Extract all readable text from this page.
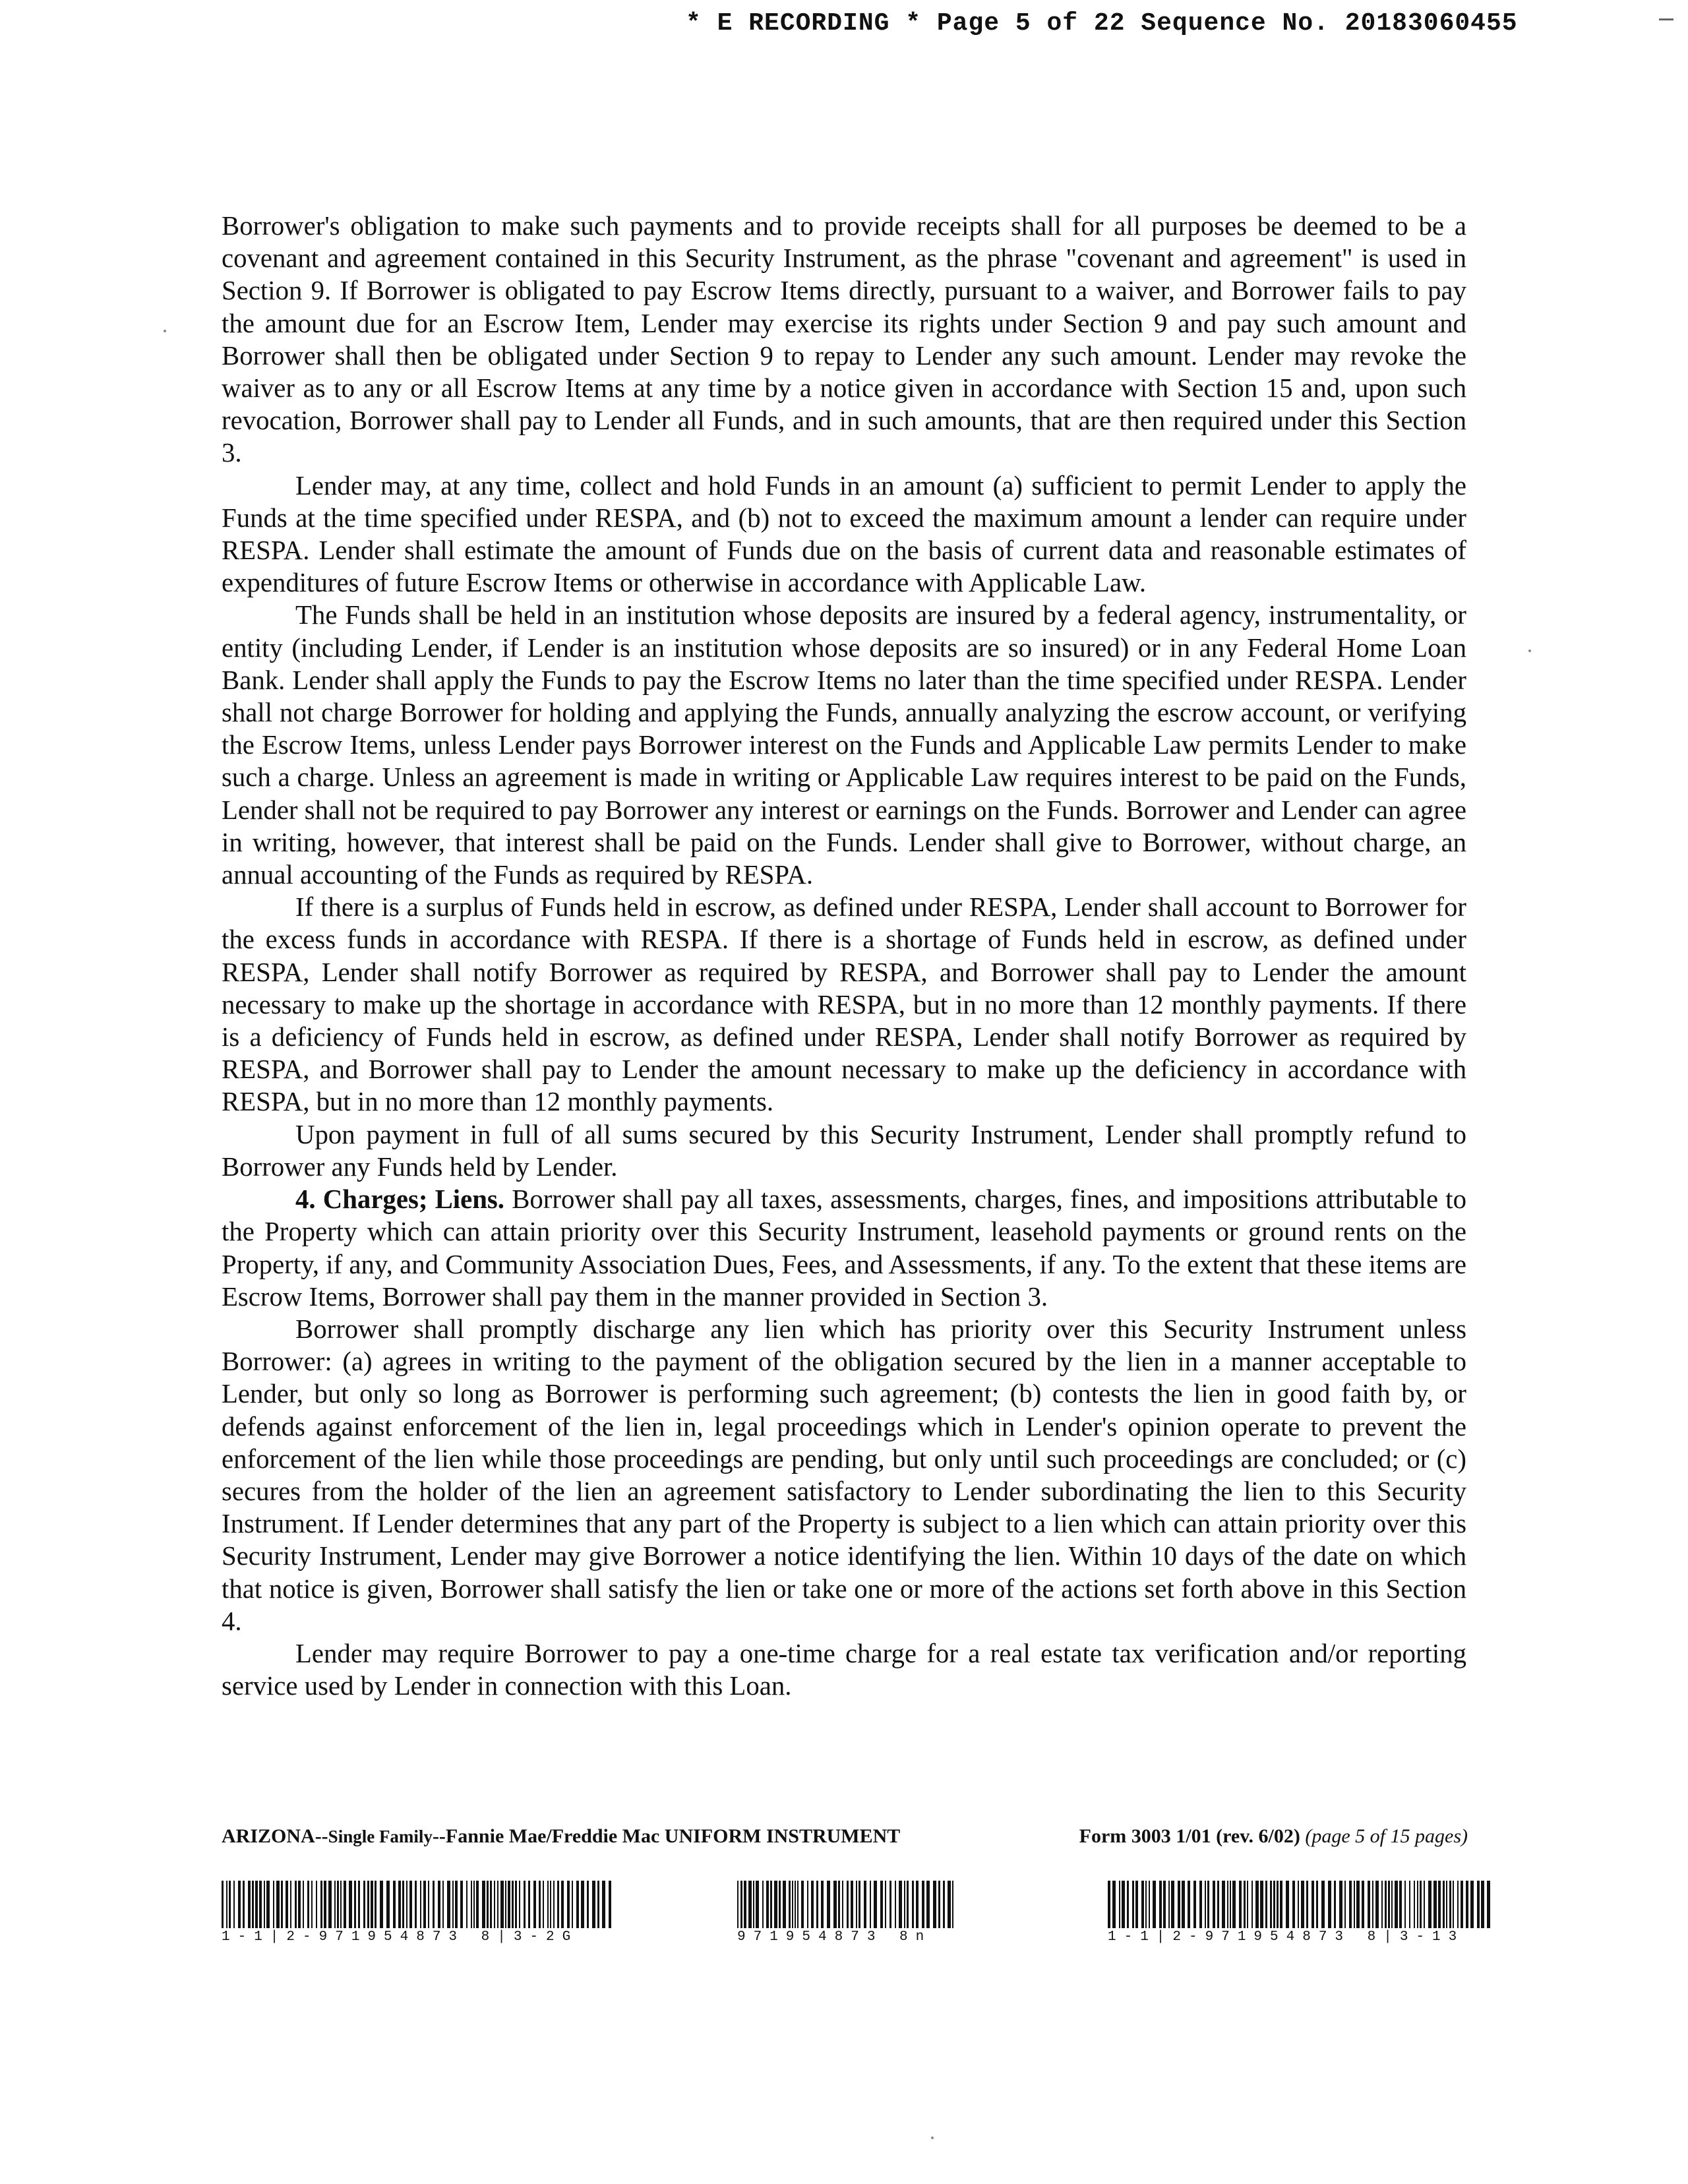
* E RECORDING * Page 5 of 22 Sequence No. 20183060455

Borrower's obligation to make such payments and to provide receipts shall for all purposes be deemed to be a covenant and agreement contained in this Security Instrument, as the phrase "covenant and agreement" is used in Section 9. If Borrower is obligated to pay Escrow Items directly, pursuant to a waiver, and Borrower fails to pay the amount due for an Escrow Item, Lender may exercise its rights under Section 9 and pay such amount and Borrower shall then be obligated under Section 9 to repay to Lender any such amount. Lender may revoke the waiver as to any or all Escrow Items at any time by a notice given in accordance with Section 15 and, upon such revocation, Borrower shall pay to Lender all Funds, and in such amounts, that are then required under this Section 3.

Lender may, at any time, collect and hold Funds in an amount (a) sufficient to permit Lender to apply the Funds at the time specified under RESPA, and (b) not to exceed the maximum amount a lender can require under RESPA. Lender shall estimate the amount of Funds due on the basis of current data and reasonable estimates of expenditures of future Escrow Items or otherwise in accordance with Applicable Law.

The Funds shall be held in an institution whose deposits are insured by a federal agency, instrumentality, or entity (including Lender, if Lender is an institution whose deposits are so insured) or in any Federal Home Loan Bank. Lender shall apply the Funds to pay the Escrow Items no later than the time specified under RESPA. Lender shall not charge Borrower for holding and applying the Funds, annually analyzing the escrow account, or verifying the Escrow Items, unless Lender pays Borrower interest on the Funds and Applicable Law permits Lender to make such a charge. Unless an agreement is made in writing or Applicable Law requires interest to be paid on the Funds, Lender shall not be required to pay Borrower any interest or earnings on the Funds. Borrower and Lender can agree in writing, however, that interest shall be paid on the Funds. Lender shall give to Borrower, without charge, an annual accounting of the Funds as required by RESPA.

If there is a surplus of Funds held in escrow, as defined under RESPA, Lender shall account to Borrower for the excess funds in accordance with RESPA. If there is a shortage of Funds held in escrow, as defined under RESPA, Lender shall notify Borrower as required by RESPA, and Borrower shall pay to Lender the amount necessary to make up the shortage in accordance with RESPA, but in no more than 12 monthly payments. If there is a deficiency of Funds held in escrow, as defined under RESPA, Lender shall notify Borrower as required by RESPA, and Borrower shall pay to Lender the amount necessary to make up the deficiency in accordance with RESPA, but in no more than 12 monthly payments.

Upon payment in full of all sums secured by this Security Instrument, Lender shall promptly refund to Borrower any Funds held by Lender.

4. Charges; Liens. Borrower shall pay all taxes, assessments, charges, fines, and impositions attributable to the Property which can attain priority over this Security Instrument, leasehold payments or ground rents on the Property, if any, and Community Association Dues, Fees, and Assessments, if any. To the extent that these items are Escrow Items, Borrower shall pay them in the manner provided in Section 3.

Borrower shall promptly discharge any lien which has priority over this Security Instrument unless Borrower: (a) agrees in writing to the payment of the obligation secured by the lien in a manner acceptable to Lender, but only so long as Borrower is performing such agreement; (b) contests the lien in good faith by, or defends against enforcement of the lien in, legal proceedings which in Lender's opinion operate to prevent the enforcement of the lien while those proceedings are pending, but only until such proceedings are concluded; or (c) secures from the holder of the lien an agreement satisfactory to Lender subordinating the lien to this Security Instrument. If Lender determines that any part of the Property is subject to a lien which can attain priority over this Security Instrument, Lender may give Borrower a notice identifying the lien. Within 10 days of the date on which that notice is given, Borrower shall satisfy the lien or take one or more of the actions set forth above in this Section 4.

Lender may require Borrower to pay a one-time charge for a real estate tax verification and/or reporting service used by Lender in connection with this Loan.

ARIZONA--Single Family--Fannie Mae/Freddie Mac UNIFORM INSTRUMENT	Form 3003 1/01 (rev. 6/02) (page 5 of 15 pages)
1-1|2-971954873 8|3-2G	971954873 8n	1-1|2-971954873 8|3-13
